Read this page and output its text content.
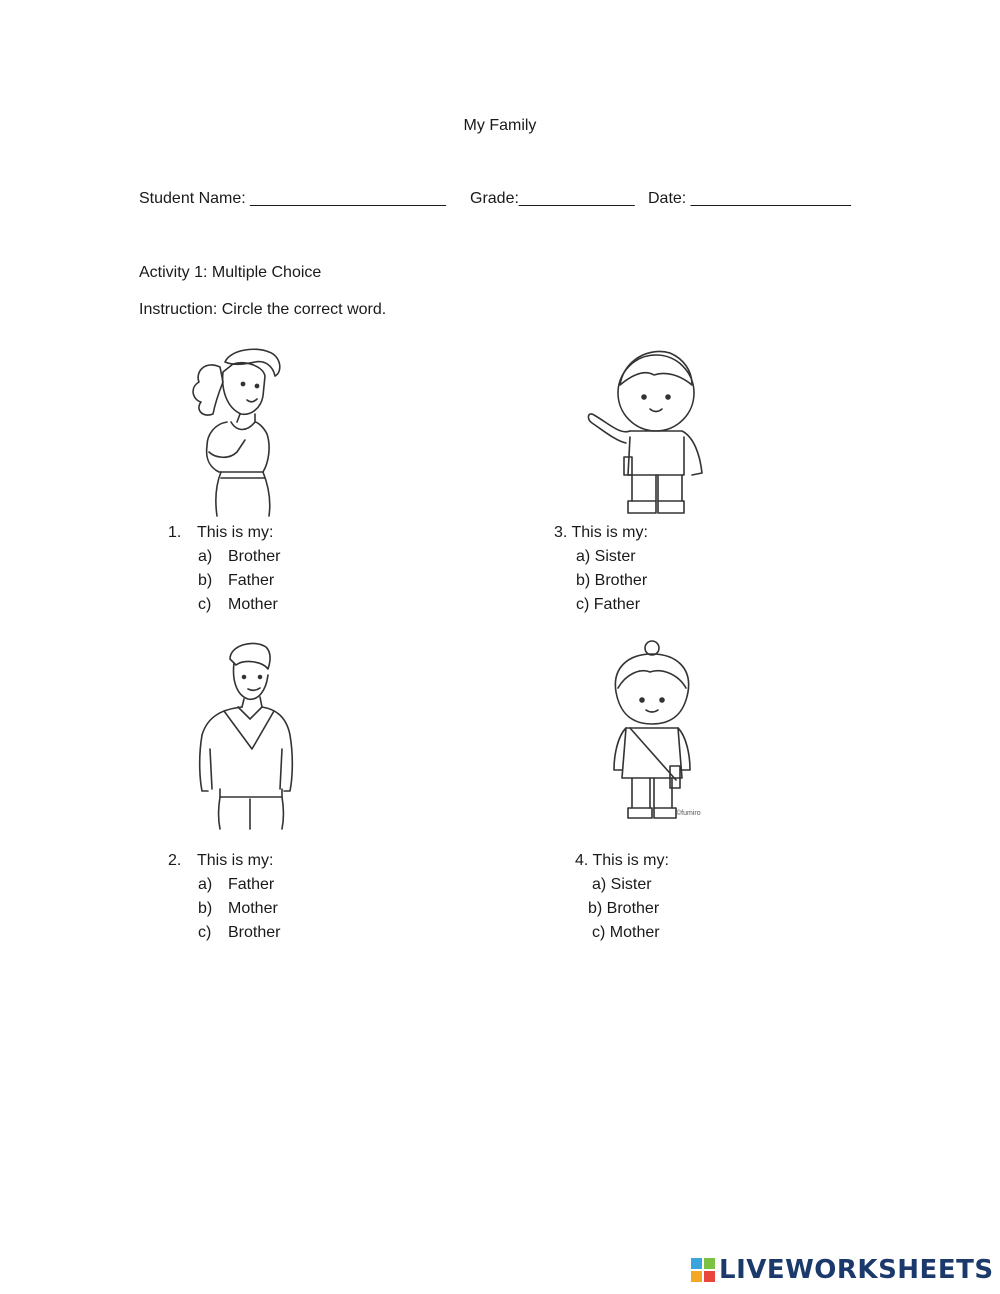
My Family
Student Name: ______________________ Grade:_____________ Date: __________________
Activity 1: Multiple Choice
Instruction: Circle the correct word.
1. This is my:
a) Brother
b) Father
c)	Mother
3. This is my:
a) Sister
b) Brother
c) Father
©fumiro
2. This is my:
a) Father
b) Mother
c)	Brother
4. This is my:
a) Sister
b) Brother
c) Mother
LIVEWORKSHEETS
